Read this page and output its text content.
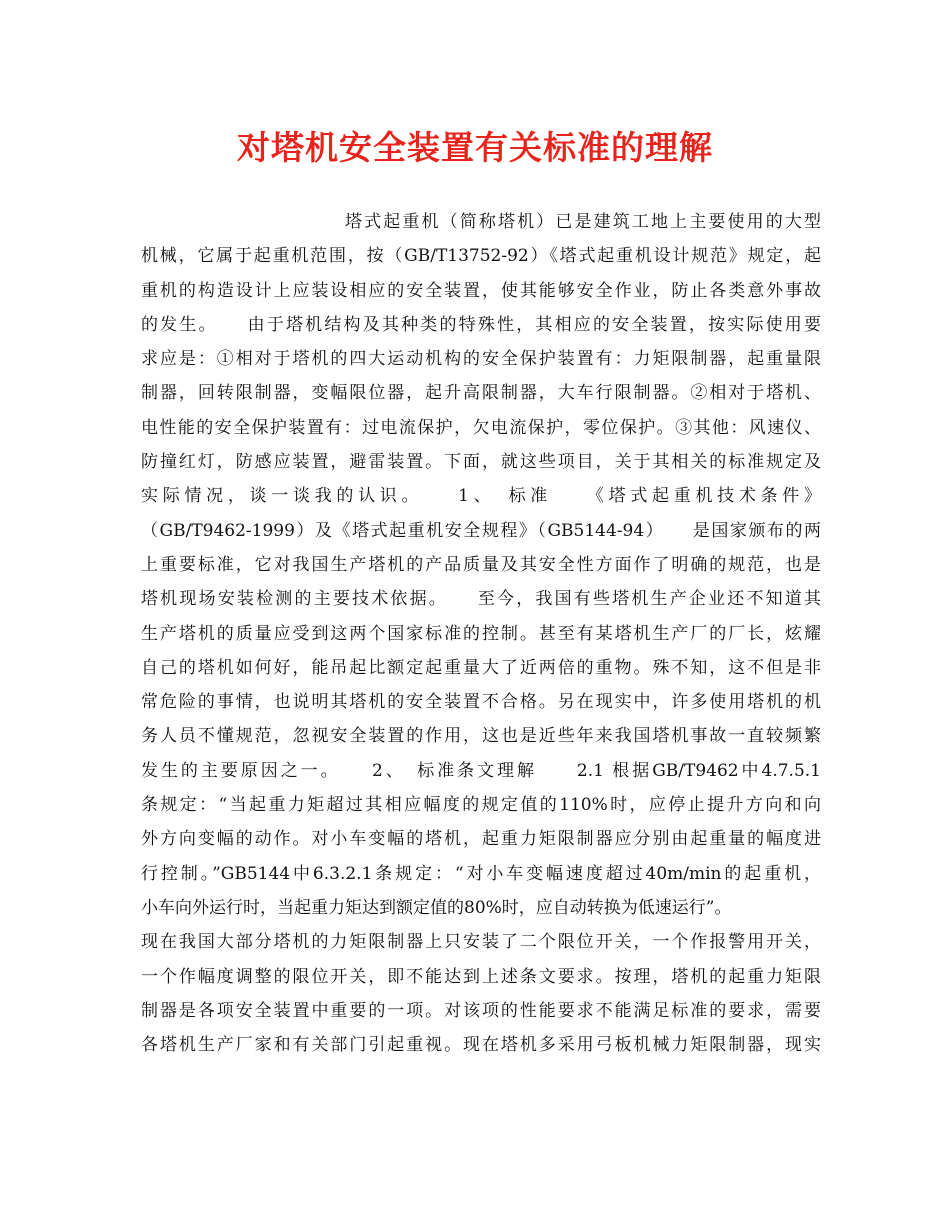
对塔机安全装置有关标准的理解
塔式起重机（简称塔机）已是建筑工地上主要使用的大型
机械，它属于起重机范围，按（GB/T13752-92）《塔式起重机设计规范》规定，起
重机的构造设计上应装设相应的安全装置，使其能够安全作业，防止各类意外事故
的发生。　　由于塔机结构及其种类的特殊性，其相应的安全装置，按实际使用要
求应是：①相对于塔机的四大运动机构的安全保护装置有：力矩限制器，起重量限
制器，回转限制器，变幅限位器，起升高限制器，大车行限制器。②相对于塔机、
电性能的安全保护装置有：过电流保护，欠电流保护，零位保护。③其他：风速仪、
防撞红灯，防感应装置，避雷装置。下面，就这些项目，关于其相关的标准规定及
实际情况，谈一谈我的认识。　　1、　标准　　《塔式起重机技术条件》
（GB/T9462-1999）及《塔式起重机安全规程》（GB5144-94）　　是国家颁布的两
上重要标准，它对我国生产塔机的产品质量及其安全性方面作了明确的规范，也是
塔机现场安装检测的主要技术依据。　　至今，我国有些塔机生产企业还不知道其
生产塔机的质量应受到这两个国家标准的控制。甚至有某塔机生产厂的厂长，炫耀
自己的塔机如何好，能吊起比额定起重量大了近两倍的重物。殊不知，这不但是非
常危险的事情，也说明其塔机的安全装置不合格。另在现实中，许多使用塔机的机
务人员不懂规范，忽视安全装置的作用，这也是近些年来我国塔机事故一直较频繁
发生的主要原因之一。　　2、　标准条文理解　　2.1 根据GB/T9462中4.7.5.1
条规定：“当起重力矩超过其相应幅度的规定值的110%时，应停止提升方向和向
外方向变幅的动作。对小车变幅的塔机，起重力矩限制器应分别由起重量的幅度进
行控制。”GB5144中6.3.2.1条规定：“对小车变幅速度超过40m/min的起重机，
小车向外运行时，当起重力矩达到额定值的80%时，应自动转换为低速运行”。
现在我国大部分塔机的力矩限制器上只安装了二个限位开关，一个作报警用开关，
一个作幅度调整的限位开关，即不能达到上述条文要求。按理，塔机的起重力矩限
制器是各项安全装置中重要的一项。对该项的性能要求不能满足标准的要求，需要
各塔机生产厂家和有关部门引起重视。现在塔机多采用弓板机械力矩限制器，现实
